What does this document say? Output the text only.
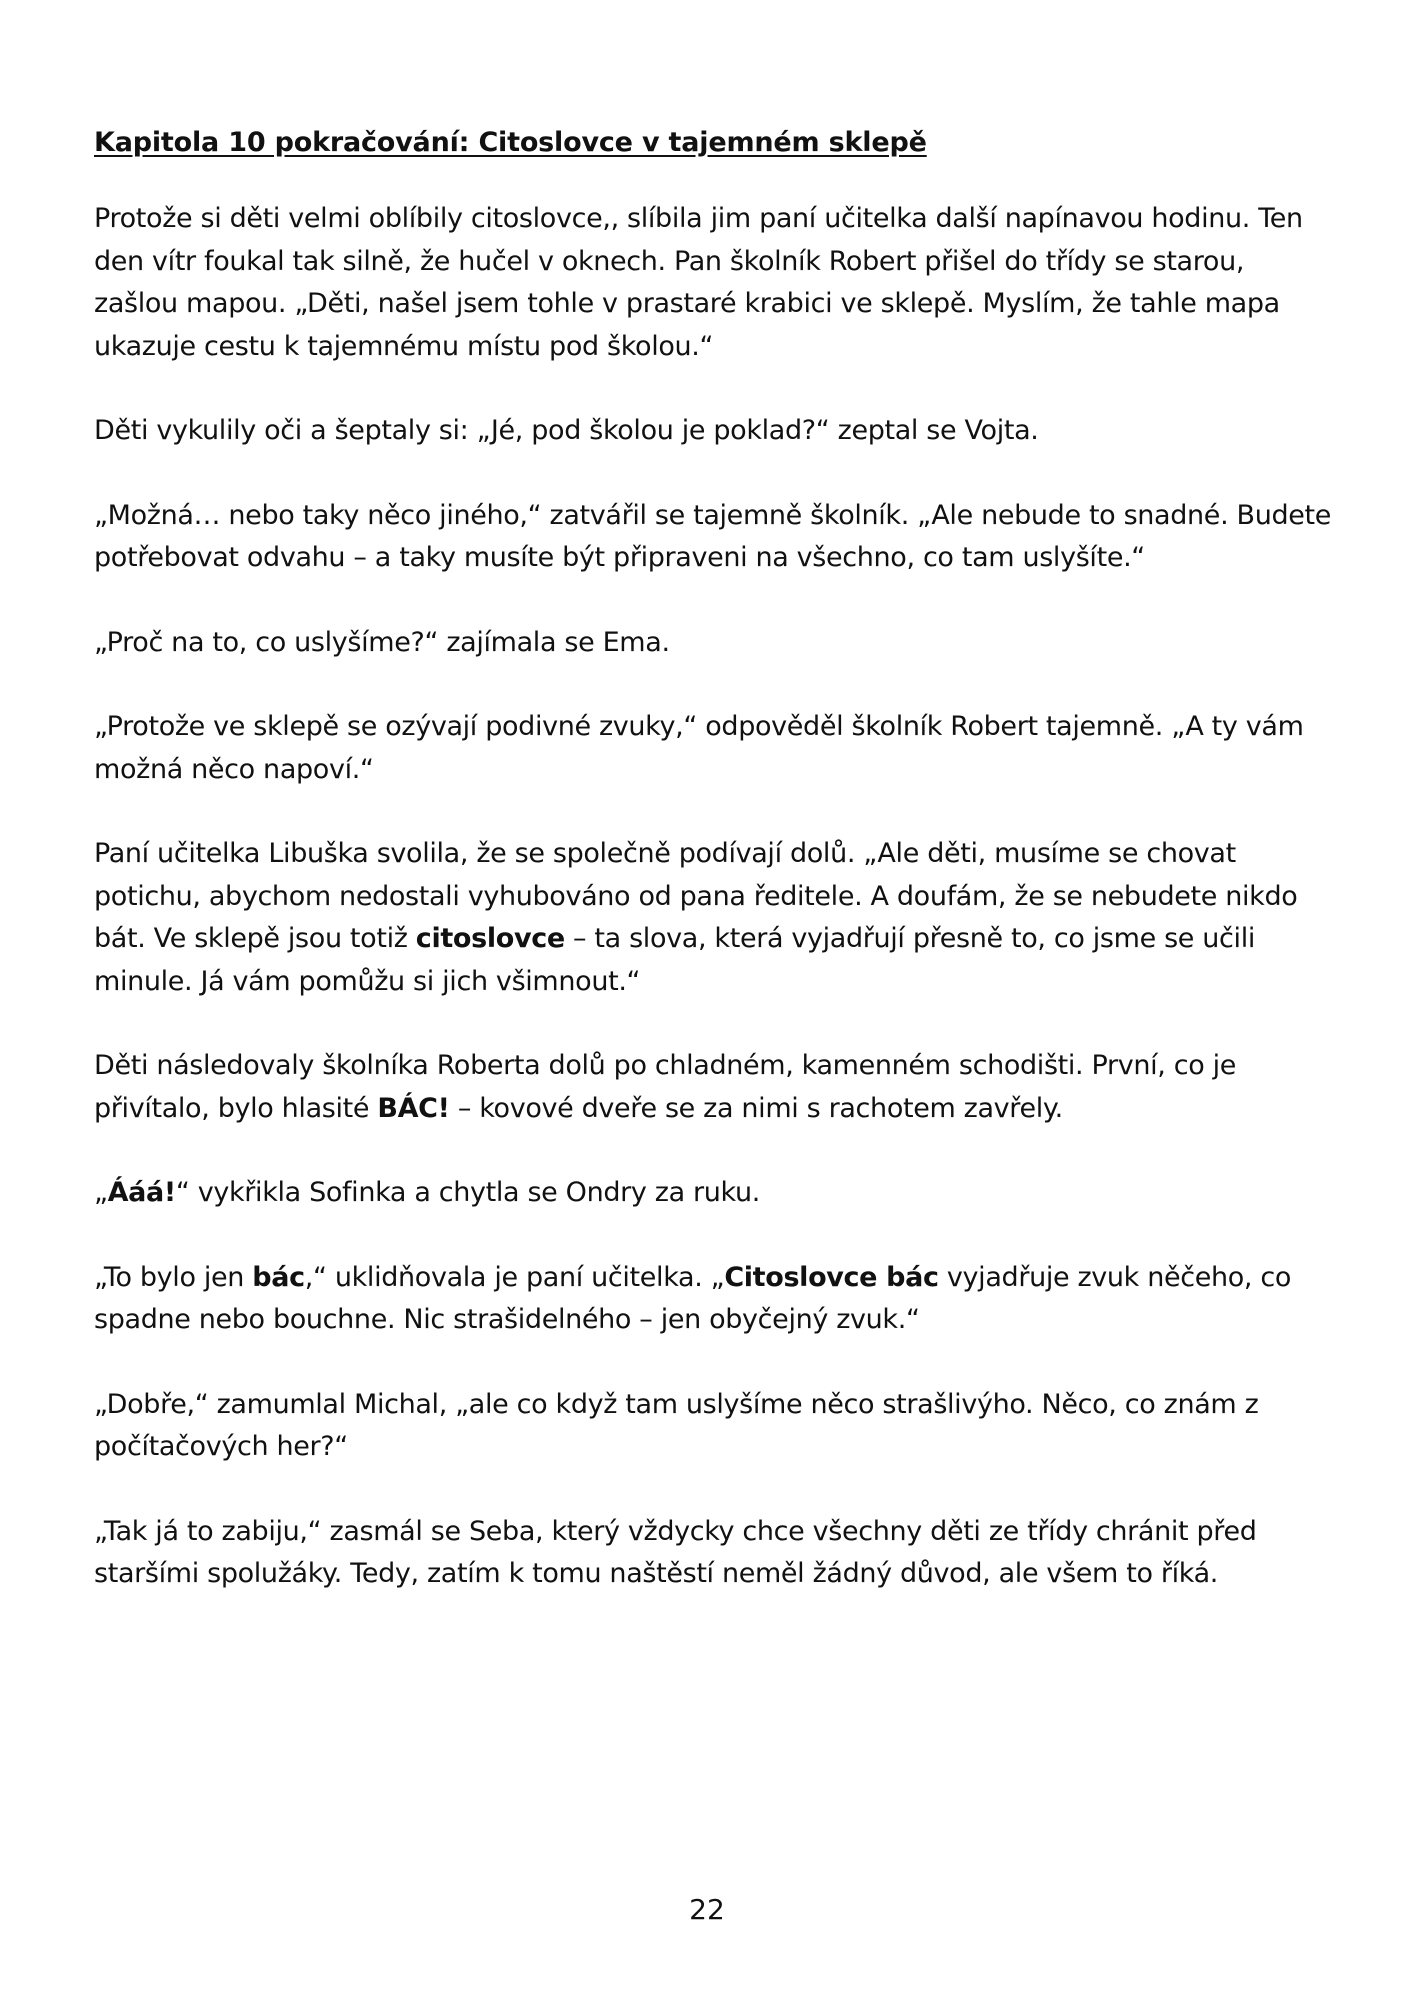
Kapitola 10 pokračování: Citoslovce v tajemném sklepě

Protože si děti velmi oblíbily citoslovce,, slíbila jim paní učitelka další napínavou hodinu. Ten den vítr foukal tak silně, že hučel v oknech. Pan školník Robert přišel do třídy se starou, zašlou mapou. „Děti, našel jsem tohle v prastaré krabici ve sklepě. Myslím, že tahle mapa ukazuje cestu k tajemnému místu pod školou.“

Děti vykulily oči a šeptaly si: „Jé, pod školou je poklad?“ zeptal se Vojta.

„Možná… nebo taky něco jiného,“ zatvářil se tajemně školník. „Ale nebude to snadné. Budete potřebovat odvahu – a taky musíte být připraveni na všechno, co tam uslyšíte.“

„Proč na to, co uslyšíme?“ zajímala se Ema.

„Protože ve sklepě se ozývají podivné zvuky,“ odpověděl školník Robert tajemně. „A ty vám možná něco napoví.“

Paní učitelka Libuška svolila, že se společně podívají dolů. „Ale děti, musíme se chovat potichu, abychom nedostali vyhubováno od pana ředitele. A doufám, že se nebudete nikdo bát. Ve sklepě jsou totiž citoslovce – ta slova, která vyjadřují přesně to, co jsme se učili minule. Já vám pomůžu si jich všimnout.“

Děti následovaly školníka Roberta dolů po chladném, kamenném schodišti. První, co je přivítalo, bylo hlasité BÁC! – kovové dveře se za nimi s rachotem zavřely.

„Ááá!“ vykřikla Sofinka a chytla se Ondry za ruku.

„To bylo jen bác,“ uklidňovala je paní učitelka. „Citoslovce bác vyjadřuje zvuk něčeho, co spadne nebo bouchne. Nic strašidelného – jen obyčejný zvuk.“

„Dobře,“ zamumlal Michal, „ale co když tam uslyšíme něco strašlivýho. Něco, co znám z počítačových her?“

„Tak já to zabiju,“ zasmál se Seba, který vždycky chce všechny děti ze třídy chránit před staršími spolužáky. Tedy, zatím k tomu naštěstí neměl žádný důvod, ale všem to říká.

22
